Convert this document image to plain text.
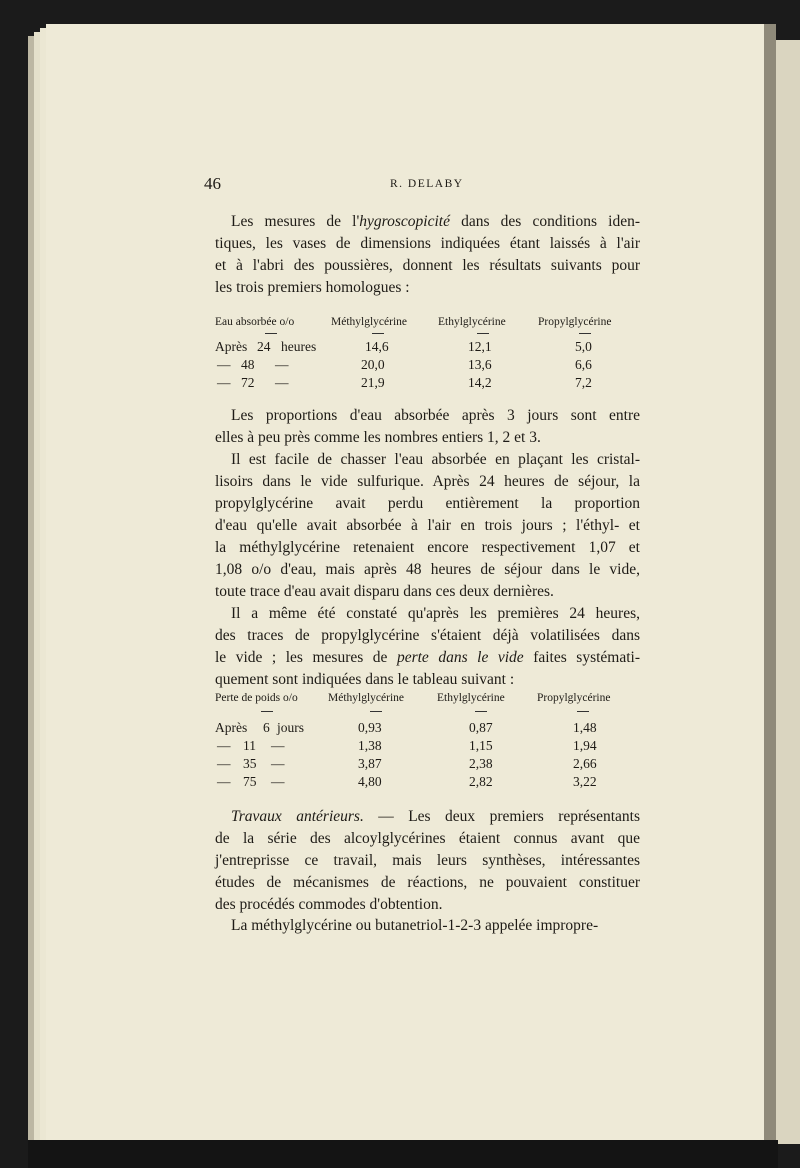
46	R. DELABY
Les mesures de l'hygroscopicité dans des conditions iden-
tiques, les vases de dimensions indiquées étant laissés à l'air
et à l'abri des poussières, donnent les résultats suivants pour
les trois premiers homologues :
Eau absorbée o/o	Méthylglycérine	Ethylglycérine	Propylglycérine
Après 24 heures	14,6	12,1	5,0
— 48 —	20,0	13,6	6,6
— 72 —	21,9	14,2	7,2
Les proportions d'eau absorbée après 3 jours sont entre
elles à peu près comme les nombres entiers 1, 2 et 3.
Il est facile de chasser l'eau absorbée en plaçant les cristal-
lisoirs dans le vide sulfurique. Après 24 heures de séjour, la
propylglycérine avait perdu entièrement la proportion
d'eau qu'elle avait absorbée à l'air en trois jours ; l'éthyl- et
la méthylglycérine retenaient encore respectivement 1,07 et
1,08 o/o d'eau, mais après 48 heures de séjour dans le vide,
toute trace d'eau avait disparu dans ces deux dernières.
Il a même été constaté qu'après les premières 24 heures,
des traces de propylglycérine s'étaient déjà volatilisées dans
le vide ; les mesures de perte dans le vide faites systémati-
quement sont indiquées dans le tableau suivant :
Perte de poids o/o	Méthylglycérine	Ethylglycérine	Propylglycérine
Après 6 jours	0,93	0,87	1,48
— 11 —	1,38	1,15	1,94
— 35 —	3,87	2,38	2,66
— 75 —	4,80	2,82	3,22
Travaux antérieurs. — Les deux premiers représentants
de la série des alcoylglycérines étaient connus avant que
j'entreprisse ce travail, mais leurs synthèses, intéressantes
études de mécanismes de réactions, ne pouvaient constituer
des procédés commodes d'obtention.
La méthylglycérine ou butanetriol-1-2-3 appelée impropre-
